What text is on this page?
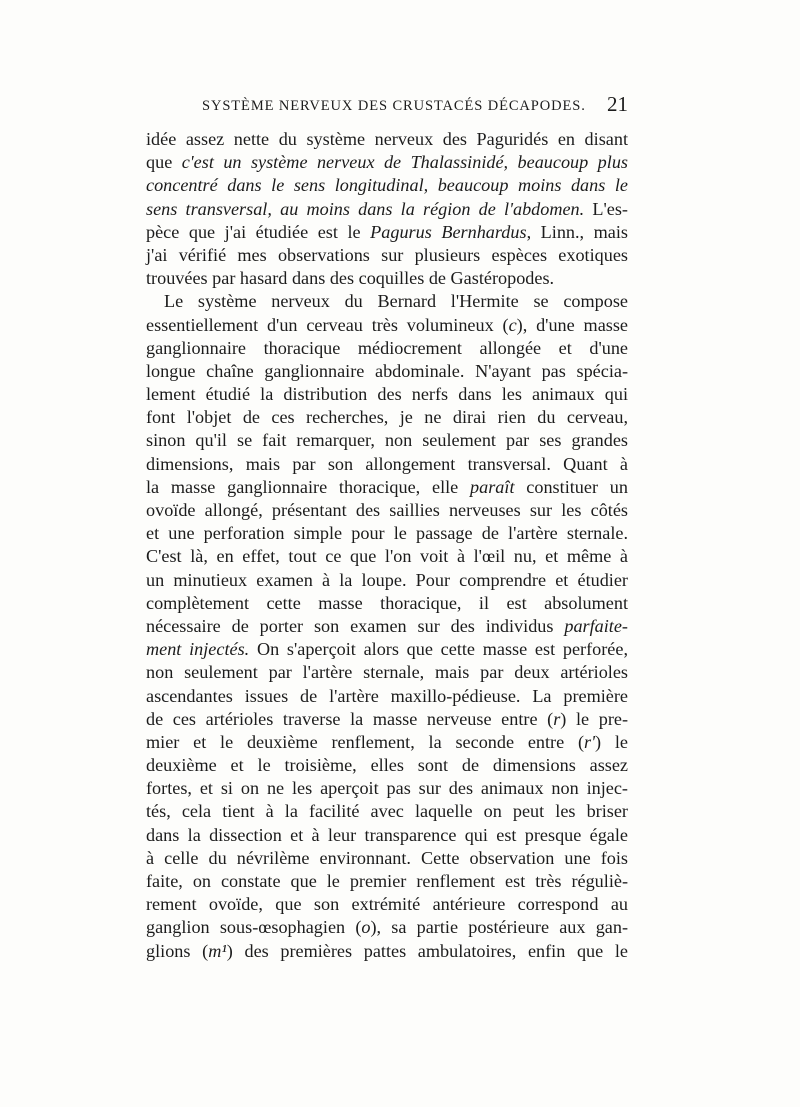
SYSTÈME NERVEUX DES CRUSTACÉS DÉCAPODES. 21
idée assez nette du système nerveux des Paguridés en disant
que c'est un système nerveux de Thalassinidé, beaucoup plus
concentré dans le sens longitudinal, beaucoup moins dans le
sens transversal, au moins dans la région de l'abdomen. L'es-
pèce que j'ai étudiée est le Pagurus Bernhardus, Linn., mais
j'ai vérifié mes observations sur plusieurs espèces exotiques
trouvées par hasard dans des coquilles de Gastéropodes.
Le système nerveux du Bernard l'Hermite se compose
essentiellement d'un cerveau très volumineux (c), d'une masse
ganglionnaire thoracique médiocrement allongée et d'une
longue chaîne ganglionnaire abdominale. N'ayant pas spécia-
lement étudié la distribution des nerfs dans les animaux qui
font l'objet de ces recherches, je ne dirai rien du cerveau,
sinon qu'il se fait remarquer, non seulement par ses grandes
dimensions, mais par son allongement transversal. Quant à
la masse ganglionnaire thoracique, elle paraît constituer un
ovoïde allongé, présentant des saillies nerveuses sur les côtés
et une perforation simple pour le passage de l'artère sternale.
C'est là, en effet, tout ce que l'on voit à l'œil nu, et même à
un minutieux examen à la loupe. Pour comprendre et étudier
complètement cette masse thoracique, il est absolument
nécessaire de porter son examen sur des individus parfaite-
ment injectés. On s'aperçoit alors que cette masse est perforée,
non seulement par l'artère sternale, mais par deux artérioles
ascendantes issues de l'artère maxillo-pédieuse. La première
de ces artérioles traverse la masse nerveuse entre (r) le pre-
mier et le deuxième renflement, la seconde entre (r') le
deuxième et le troisième, elles sont de dimensions assez
fortes, et si on ne les aperçoit pas sur des animaux non injec-
tés, cela tient à la facilité avec laquelle on peut les briser
dans la dissection et à leur transparence qui est presque égale
à celle du névrilème environnant. Cette observation une fois
faite, on constate que le premier renflement est très réguliè-
rement ovoïde, que son extrémité antérieure correspond au
ganglion sous-œsophagien (o), sa partie postérieure aux gan-
glions (m¹) des premières pattes ambulatoires, enfin que le
